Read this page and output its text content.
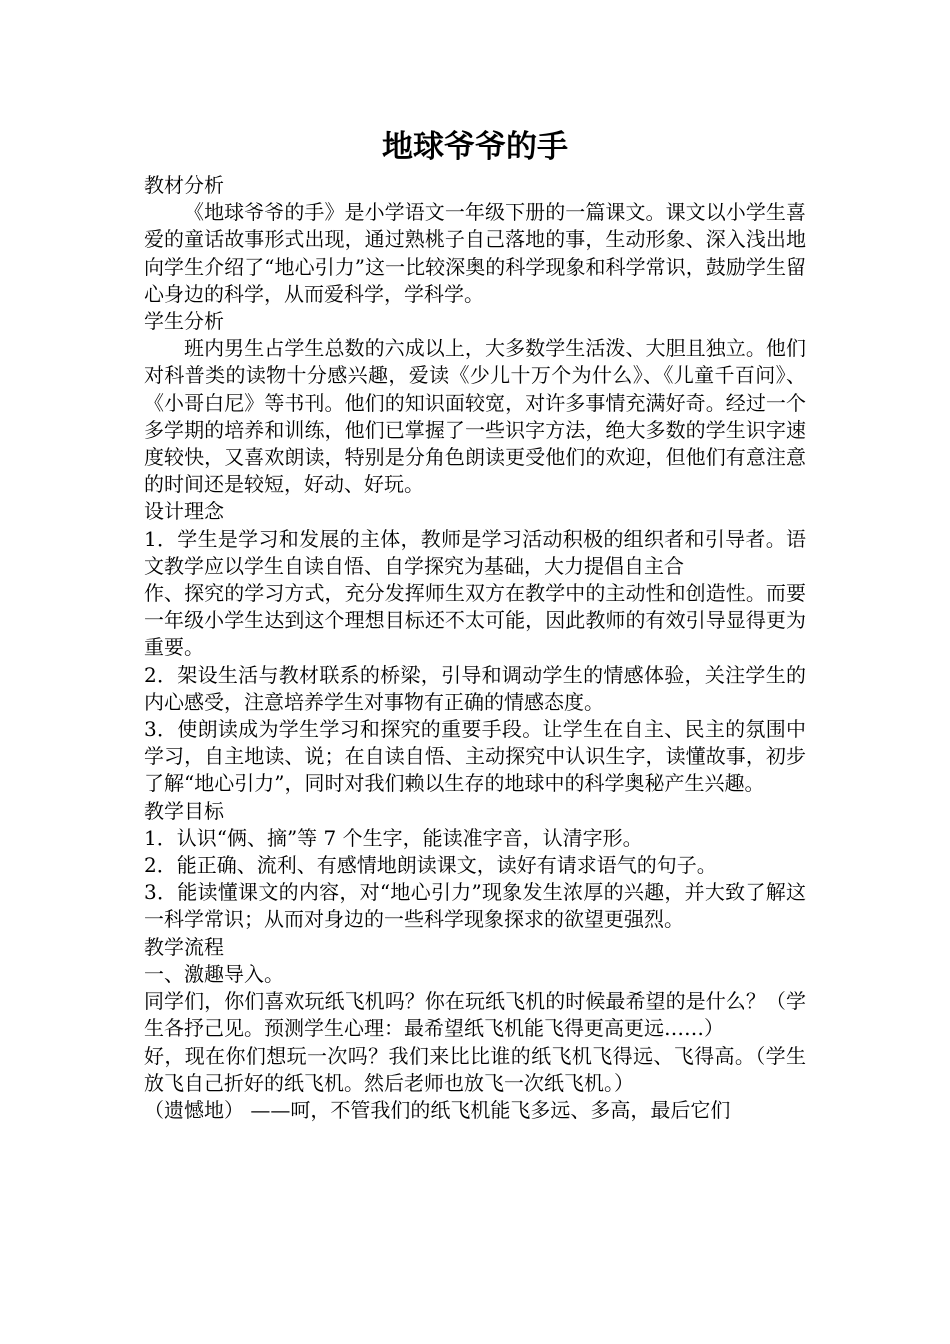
地球爷爷的手

教材分析

《地球爷爷的手》是小学语文一年级下册的一篇课文。课文以小学生喜爱的童话故事形式出现，通过熟桃子自己落地的事，生动形象、深入浅出地向学生介绍了“地心引力”这一比较深奥的科学现象和科学常识，鼓励学生留心身边的科学，从而爱科学，学科学。

学生分析

班内男生占学生总数的六成以上，大多数学生活泼、大胆且独立。他们对科普类的读物十分感兴趣，爱读《少儿十万个为什么》、《儿童千百问》、《小哥白尼》等书刊。他们的知识面较宽，对许多事情充满好奇。经过一个多学期的培养和训练，他们已掌握了一些识字方法，绝大多数的学生识字速度较快，又喜欢朗读，特别是分角色朗读更受他们的欢迎，但他们有意注意的时间还是较短，好动、好玩。

设计理念

1．学生是学习和发展的主体，教师是学习活动积极的组织者和引导者。语文教学应以学生自读自悟、自学探究为基础，大力提倡自主合

作、探究的学习方式，充分发挥师生双方在教学中的主动性和创造性。而要一年级小学生达到这个理想目标还不太可能，因此教师的有效引导显得更为重要。

2．架设生活与教材联系的桥梁，引导和调动学生的情感体验，关注学生的内心感受，注意培养学生对事物有正确的情感态度。

3．使朗读成为学生学习和探究的重要手段。让学生在自主、民主的氛围中学习，自主地读、说；在自读自悟、主动探究中认识生字，读懂故事，初步了解“地心引力”，同时对我们赖以生存的地球中的科学奥秘产生兴趣。

教学目标

1．认识“俩、摘”等 7 个生字，能读准字音，认清字形。

2．能正确、流利、有感情地朗读课文，读好有请求语气的句子。

3．能读懂课文的内容，对“地心引力”现象发生浓厚的兴趣，并大致了解这一科学常识；从而对身边的一些科学现象探求的欲望更强烈。

教学流程

一、激趣导入。

同学们，你们喜欢玩纸飞机吗？你在玩纸飞机的时候最希望的是什么？（学生各抒己见。预测学生心理：最希望纸飞机能飞得更高更远……）

好，现在你们想玩一次吗？我们来比比谁的纸飞机飞得远、飞得高。（学生放飞自己折好的纸飞机。然后老师也放飞一次纸飞机。）

（遗憾地） ——呵，不管我们的纸飞机能飞多远、多高，最后它们
